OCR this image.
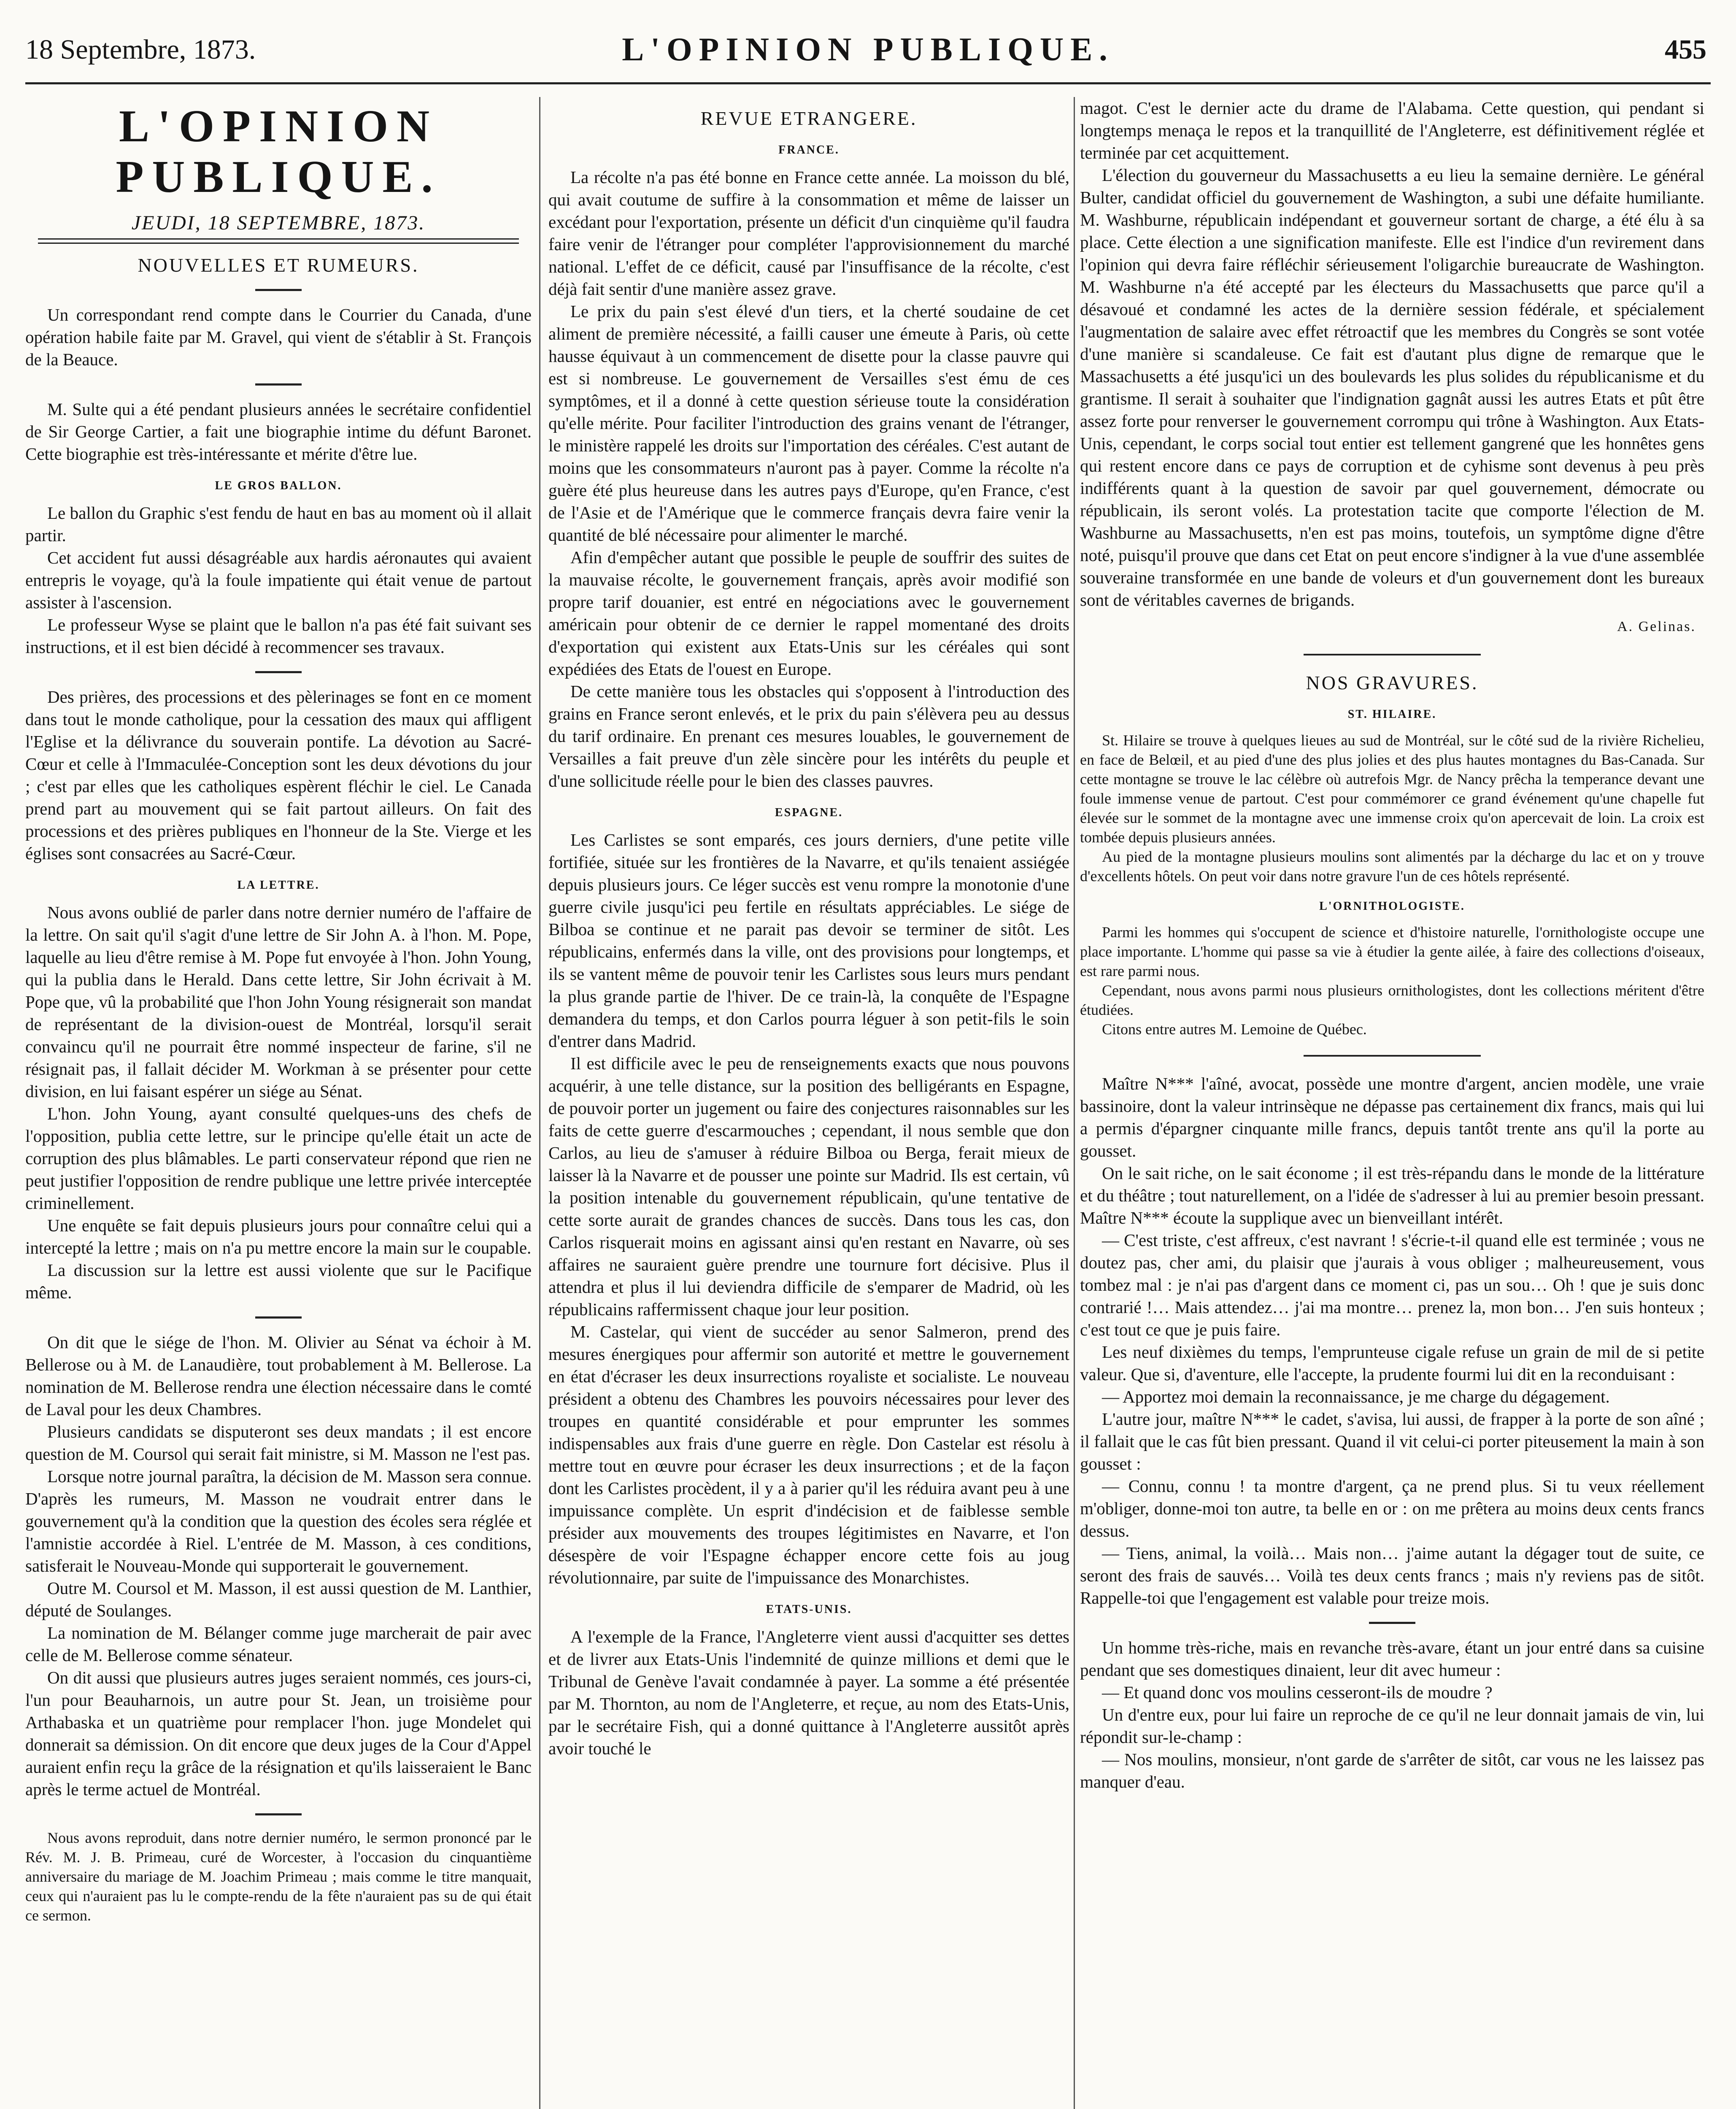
18 Septembre, 1873.	L'OPINION PUBLIQUE.	455
L'OPINION PUBLIQUE.
JEUDI, 18 SEPTEMBRE, 1873.
NOUVELLES ET RUMEURS.

Un correspondant rend compte dans le Courrier du Canada, d'une opération habile faite par M. Gravel, qui vient de s'établir à St. François de la Beauce.

M. Sulte qui a été pendant plusieurs années le secrétaire confidentiel de Sir George Cartier, a fait une biographie intime du défunt Baronet. Cette biographie est très-intéressante et mérite d'être lue.

LE GROS BALLON.

Le ballon du Graphic s'est fendu de haut en bas au moment où il allait partir.

Cet accident fut aussi désagréable aux hardis aéronautes qui avaient entrepris le voyage, qu'à la foule impatiente qui était venue de partout assister à l'ascension.

Le professeur Wyse se plaint que le ballon n'a pas été fait suivant ses instructions, et il est bien décidé à recommencer ses travaux.

Des prières, des processions et des pèlerinages se font en ce moment dans tout le monde catholique, pour la cessation des maux qui affligent l'Eglise et la délivrance du souverain pontife. La dévotion au Sacré-Cœur et celle à l'Immaculée-Conception sont les deux dévotions du jour ; c'est par elles que les catholiques espèrent fléchir le ciel. Le Canada prend part au mouvement qui se fait partout ailleurs. On fait des processions et des prières publiques en l'honneur de la Ste. Vierge et les églises sont consacrées au Sacré-Cœur.

LA LETTRE.

Nous avons oublié de parler dans notre dernier numéro de l'affaire de la lettre. On sait qu'il s'agit d'une lettre de Sir John A. à l'hon. M. Pope, laquelle au lieu d'être remise à M. Pope fut envoyée à l'hon. John Young, qui la publia dans le Herald. Dans cette lettre, Sir John écrivait à M. Pope que, vû la probabilité que l'hon John Young résignerait son mandat de représentant de la division-ouest de Montréal, lorsqu'il serait convaincu qu'il ne pourrait être nommé inspecteur de farine, s'il ne résignait pas, il fallait décider M. Workman à se présenter pour cette division, en lui faisant espérer un siége au Sénat.

L'hon. John Young, ayant consulté quelques-uns des chefs de l'opposition, publia cette lettre, sur le principe qu'elle était un acte de corruption des plus blâmables. Le parti conservateur répond que rien ne peut justifier l'opposition de rendre publique une lettre privée interceptée criminellement.

Une enquête se fait depuis plusieurs jours pour connaître celui qui a intercepté la lettre ; mais on n'a pu mettre encore la main sur le coupable.

La discussion sur la lettre est aussi violente que sur le Pacifique même.

On dit que le siége de l'hon. M. Olivier au Sénat va échoir à M. Bellerose ou à M. de Lanaudière, tout probablement à M. Bellerose. La nomination de M. Bellerose rendra une élection nécessaire dans le comté de Laval pour les deux Chambres.

Plusieurs candidats se disputeront ses deux mandats ; il est encore question de M. Coursol qui serait fait ministre, si M. Masson ne l'est pas.

Lorsque notre journal paraîtra, la décision de M. Masson sera connue. D'après les rumeurs, M. Masson ne voudrait entrer dans le gouvernement qu'à la condition que la question des écoles sera réglée et l'amnistie accordée à Riel. L'entrée de M. Masson, à ces conditions, satisferait le Nouveau-Monde qui supporterait le gouvernement.

Outre M. Coursol et M. Masson, il est aussi question de M. Lanthier, député de Soulanges.

La nomination de M. Bélanger comme juge marcherait de pair avec celle de M. Bellerose comme sénateur.

On dit aussi que plusieurs autres juges seraient nommés, ces jours-ci, l'un pour Beauharnois, un autre pour St. Jean, un troisième pour Arthabaska et un quatrième pour remplacer l'hon. juge Mondelet qui donnerait sa démission. On dit encore que deux juges de la Cour d'Appel auraient enfin reçu la grâce de la résignation et qu'ils laisseraient le Banc après le terme actuel de Montréal.

Nous avons reproduit, dans notre dernier numéro, le sermon prononcé par le Rév. M. J. B. Primeau, curé de Worcester, à l'occasion du cinquantième anniversaire du mariage de M. Joachim Primeau ; mais comme le titre manquait, ceux qui n'auraient pas lu le compte-rendu de la fête n'auraient pas su de qui était ce sermon.

REVUE ETRANGERE.
FRANCE.

La récolte n'a pas été bonne en France cette année. La moisson du blé, qui avait coutume de suffire à la consommation et même de laisser un excédant pour l'exportation, présente un déficit d'un cinquième qu'il faudra faire venir de l'étranger pour compléter l'approvisionnement du marché national. L'effet de ce déficit, causé par l'insuffisance de la récolte, c'est déjà fait sentir d'une manière assez grave.

Le prix du pain s'est élevé d'un tiers, et la cherté soudaine de cet aliment de première nécessité, a failli causer une émeute à Paris, où cette hausse équivaut à un commencement de disette pour la classe pauvre qui est si nombreuse. Le gouvernement de Versailles s'est ému de ces symptômes, et il a donné à cette question sérieuse toute la considération qu'elle mérite. Pour faciliter l'introduction des grains venant de l'étranger, le ministère rappelé les droits sur l'importation des céréales. C'est autant de moins que les consommateurs n'auront pas à payer. Comme la récolte n'a guère été plus heureuse dans les autres pays d'Europe, qu'en France, c'est de l'Asie et de l'Amérique que le commerce français devra faire venir la quantité de blé nécessaire pour alimenter le marché.

Afin d'empêcher autant que possible le peuple de souffrir des suites de la mauvaise récolte, le gouvernement français, après avoir modifié son propre tarif douanier, est entré en négociations avec le gouvernement américain pour obtenir de ce dernier le rappel momentané des droits d'exportation qui existent aux Etats-Unis sur les céréales qui sont expédiées des Etats de l'ouest en Europe.

De cette manière tous les obstacles qui s'opposent à l'introduction des grains en France seront enlevés, et le prix du pain s'élèvera peu au dessus du tarif ordinaire. En prenant ces mesures louables, le gouvernement de Versailles a fait preuve d'un zèle sincère pour les intérêts du peuple et d'une sollicitude réelle pour le bien des classes pauvres.

ESPAGNE.

Les Carlistes se sont emparés, ces jours derniers, d'une petite ville fortifiée, située sur les frontières de la Navarre, et qu'ils tenaient assiégée depuis plusieurs jours. Ce léger succès est venu rompre la monotonie d'une guerre civile jusqu'ici peu fertile en résultats appréciables. Le siége de Bilboa se continue et ne parait pas devoir se terminer de sitôt. Les républicains, enfermés dans la ville, ont des provisions pour longtemps, et ils se vantent même de pouvoir tenir les Carlistes sous leurs murs pendant la plus grande partie de l'hiver. De ce train-là, la conquête de l'Espagne demandera du temps, et don Carlos pourra léguer à son petit-fils le soin d'entrer dans Madrid.

Il est difficile avec le peu de renseignements exacts que nous pouvons acquérir, à une telle distance, sur la position des belligérants en Espagne, de pouvoir porter un jugement ou faire des conjectures raisonnables sur les faits de cette guerre d'escarmouches ; cependant, il nous semble que don Carlos, au lieu de s'amuser à réduire Bilboa ou Berga, ferait mieux de laisser là la Navarre et de pousser une pointe sur Madrid. Ils est certain, vû la position intenable du gouvernement républicain, qu'une tentative de cette sorte aurait de grandes chances de succès. Dans tous les cas, don Carlos risquerait moins en agissant ainsi qu'en restant en Navarre, où ses affaires ne sauraient guère prendre une tournure fort décisive. Plus il attendra et plus il lui deviendra difficile de s'emparer de Madrid, où les républicains raffermissent chaque jour leur position.

M. Castelar, qui vient de succéder au senor Salmeron, prend des mesures énergiques pour affermir son autorité et mettre le gouvernement en état d'écraser les deux insurrections royaliste et socialiste. Le nouveau président a obtenu des Chambres les pouvoirs nécessaires pour lever des troupes en quantité considérable et pour emprunter les sommes indispensables aux frais d'une guerre en règle. Don Castelar est résolu à mettre tout en œuvre pour écraser les deux insurrections ; et de la façon dont les Carlistes procèdent, il y a à parier qu'il les réduira avant peu à une impuissance complète. Un esprit d'indécision et de faiblesse semble présider aux mouvements des troupes légitimistes en Navarre, et l'on désespère de voir l'Espagne échapper encore cette fois au joug révolutionnaire, par suite de l'impuissance des Monarchistes.

ETATS-UNIS.

A l'exemple de la France, l'Angleterre vient aussi d'acquitter ses dettes et de livrer aux Etats-Unis l'indemnité de quinze millions et demi que le Tribunal de Genève l'avait condamnée à payer. La somme a été présentée par M. Thornton, au nom de l'Angleterre, et reçue, au nom des Etats-Unis, par le secrétaire Fish, qui a donné quittance à l'Angleterre aussitôt après avoir touché le

magot. C'est le dernier acte du drame de l'Alabama. Cette question, qui pendant si longtemps menaça le repos et la tranquillité de l'Angleterre, est définitivement réglée et terminée par cet acquittement.

L'élection du gouverneur du Massachusetts a eu lieu la semaine dernière. Le général Bulter, candidat officiel du gouvernement de Washington, a subi une défaite humiliante. M. Washburne, républicain indépendant et gouverneur sortant de charge, a été élu à sa place. Cette élection a une signification manifeste. Elle est l'indice d'un revirement dans l'opinion qui devra faire réfléchir sérieusement l'oligarchie bureaucrate de Washington. M. Washburne n'a été accepté par les électeurs du Massachusetts que parce qu'il a désavoué et condamné les actes de la dernière session fédérale, et spécialement l'augmentation de salaire avec effet rétroactif que les membres du Congrès se sont votée d'une manière si scandaleuse. Ce fait est d'autant plus digne de remarque que le Massachusetts a été jusqu'ici un des boulevards les plus solides du républicanisme et du grantisme. Il serait à souhaiter que l'indignation gagnât aussi les autres Etats et pût être assez forte pour renverser le gouvernement corrompu qui trône à Washington. Aux Etats-Unis, cependant, le corps social tout entier est tellement gangrené que les honnêtes gens qui restent encore dans ce pays de corruption et de cyhisme sont devenus à peu près indifférents quant à la question de savoir par quel gouvernement, démocrate ou républicain, ils seront volés. La protestation tacite que comporte l'élection de M. Washburne au Massachusetts, n'en est pas moins, toutefois, un symptôme digne d'être noté, puisqu'il prouve que dans cet Etat on peut encore s'indigner à la vue d'une assemblée souveraine transformée en une bande de voleurs et d'un gouvernement dont les bureaux sont de véritables cavernes de brigands.

A. Gelinas.
NOS GRAVURES.
ST. HILAIRE.

St. Hilaire se trouve à quelques lieues au sud de Montréal, sur le côté sud de la rivière Richelieu, en face de Belœil, et au pied d'une des plus jolies et des plus hautes montagnes du Bas-Canada. Sur cette montagne se trouve le lac célèbre où autrefois Mgr. de Nancy prêcha la temperance devant une foule immense venue de partout. C'est pour commémorer ce grand événement qu'une chapelle fut élevée sur le sommet de la montagne avec une immense croix qu'on apercevait de loin. La croix est tombée depuis plusieurs années.

Au pied de la montagne plusieurs moulins sont alimentés par la décharge du lac et on y trouve d'excellents hôtels. On peut voir dans notre gravure l'un de ces hôtels représenté.

L'ORNITHOLOGISTE.

Parmi les hommes qui s'occupent de science et d'histoire naturelle, l'ornithologiste occupe une place importante. L'homme qui passe sa vie à étudier la gente ailée, à faire des collections d'oiseaux, est rare parmi nous.

Cependant, nous avons parmi nous plusieurs ornithologistes, dont les collections méritent d'être étudiées.

Citons entre autres M. Lemoine de Québec.

Maître N*** l'aîné, avocat, possède une montre d'argent, ancien modèle, une vraie bassinoire, dont la valeur intrinsèque ne dépasse pas certainement dix francs, mais qui lui a permis d'épargner cinquante mille francs, depuis tantôt trente ans qu'il la porte au gousset.

On le sait riche, on le sait économe ; il est très-répandu dans le monde de la littérature et du théâtre ; tout naturellement, on a l'idée de s'adresser à lui au premier besoin pressant. Maître N*** écoute la supplique avec un bienveillant intérêt.

— C'est triste, c'est affreux, c'est navrant ! s'écrie-t-il quand elle est terminée ; vous ne doutez pas, cher ami, du plaisir que j'aurais à vous obliger ; malheureusement, vous tombez mal : je n'ai pas d'argent dans ce moment ci, pas un sou… Oh ! que je suis donc contrarié !… Mais attendez… j'ai ma montre… prenez la, mon bon… J'en suis honteux ; c'est tout ce que je puis faire.

Les neuf dixièmes du temps, l'emprunteuse cigale refuse un grain de mil de si petite valeur. Que si, d'aventure, elle l'accepte, la prudente fourmi lui dit en la reconduisant :

— Apportez moi demain la reconnaissance, je me charge du dégagement.

L'autre jour, maître N*** le cadet, s'avisa, lui aussi, de frapper à la porte de son aîné ; il fallait que le cas fût bien pressant. Quand il vit celui-ci porter piteusement la main à son gousset :

— Connu, connu ! ta montre d'argent, ça ne prend plus. Si tu veux réellement m'obliger, donne-moi ton autre, ta belle en or : on me prêtera au moins deux cents francs dessus.

— Tiens, animal, la voilà… Mais non… j'aime autant la dégager tout de suite, ce seront des frais de sauvés… Voilà tes deux cents francs ; mais n'y reviens pas de sitôt. Rappelle-toi que l'engagement est valable pour treize mois.

Un homme très-riche, mais en revanche très-avare, étant un jour entré dans sa cuisine pendant que ses domestiques dinaient, leur dit avec humeur :

— Et quand donc vos moulins cesseront-ils de moudre ?

Un d'entre eux, pour lui faire un reproche de ce qu'il ne leur donnait jamais de vin, lui répondit sur-le-champ :

— Nos moulins, monsieur, n'ont garde de s'arrêter de sitôt, car vous ne les laissez pas manquer d'eau.
